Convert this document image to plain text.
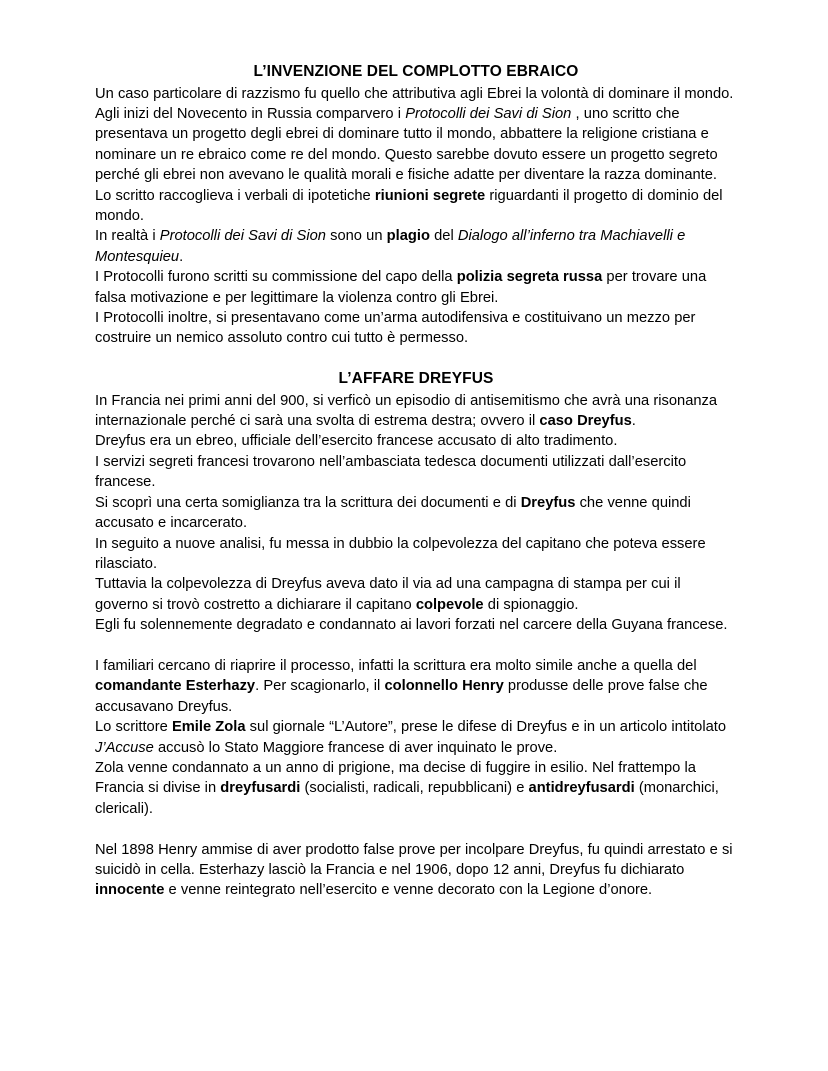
L’INVENZIONE DEL COMPLOTTO EBRAICO

Un caso particolare di razzismo fu quello che attributiva agli Ebrei la volontà di dominare il mondo.

Agli inizi del Novecento in Russia comparvero i Protocolli dei Savi di Sion , uno scritto che presentava un progetto degli ebrei di dominare tutto il mondo, abbattere la religione cristiana e nominare un re ebraico come re del mondo. Questo sarebbe dovuto essere un progetto segreto perché gli ebrei non avevano le qualità morali e fisiche adatte per diventare la razza dominante.

Lo scritto raccoglieva i verbali di ipotetiche riunioni segrete riguardanti il progetto di dominio del mondo.

In realtà i Protocolli dei Savi di Sion sono un plagio del Dialogo all’inferno tra Machiavelli e Montesquieu.

I Protocolli furono scritti su commissione del capo della polizia segreta russa per trovare una falsa motivazione e per legittimare la violenza contro gli Ebrei.

I Protocolli inoltre, si presentavano come un’arma autodifensiva e costituivano un mezzo per costruire un nemico assoluto contro cui tutto è permesso.

L’AFFARE DREYFUS

In Francia nei primi anni del 900, si verficò un episodio di antisemitismo che avrà una risonanza internazionale perché ci sarà una svolta di estrema destra; ovvero il caso Dreyfus.

Dreyfus era un ebreo, ufficiale dell’esercito francese accusato di alto tradimento.

I servizi segreti francesi trovarono nell’ambasciata tedesca documenti utilizzati dall’esercito francese.

Si scoprì una certa somiglianza tra la scrittura dei documenti e di Dreyfus che venne quindi accusato e incarcerato.

In seguito a nuove analisi, fu messa in dubbio la colpevolezza del capitano che poteva essere rilasciato.

Tuttavia la colpevolezza di Dreyfus aveva dato il via ad una campagna di stampa per cui il governo si trovò costretto a dichiarare il capitano colpevole di spionaggio.

Egli fu solennemente degradato e condannato ai lavori forzati nel carcere della Guyana francese.

I familiari cercano di riaprire il processo, infatti la scrittura era molto simile anche a quella del comandante Esterhazy. Per scagionarlo, il colonnello Henry produsse delle prove false che accusavano Dreyfus.

Lo scrittore Emile Zola sul giornale “L’Autore”, prese le difese di Dreyfus e in un articolo intitolato J’Accuse accusò lo Stato Maggiore francese di aver inquinato le prove.

Zola venne condannato a un anno di prigione, ma decise di fuggire in esilio. Nel frattempo la Francia si divise in dreyfusardi (socialisti, radicali, repubblicani) e antidreyfusardi (monarchici, clericali).

Nel 1898 Henry ammise di aver prodotto false prove per incolpare Dreyfus, fu quindi arrestato e si suicidò in cella. Esterhazy lasciò la Francia e nel 1906, dopo 12 anni, Dreyfus fu dichiarato innocente e venne reintegrato nell’esercito e venne decorato con la Legione d’onore.
